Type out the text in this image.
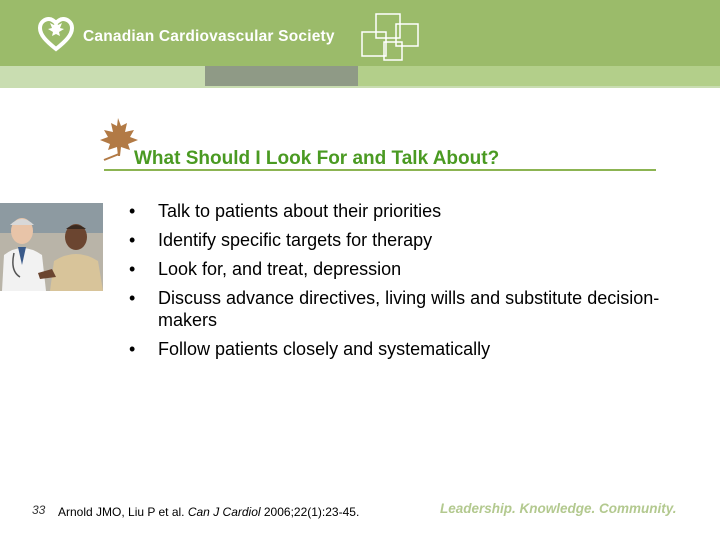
Canadian Cardiovascular Society
What Should I Look For and Talk About?
• Talk to patients about their priorities
• Identify specific targets for therapy
• Look for, and treat, depression
• Discuss advance directives, living wills and substitute decision-makers
• Follow patients closely and systematically
33 Arnold JMO, Liu P et al. Can J Cardiol 2006;22(1):23-45.	Leadership. Knowledge. Community.
